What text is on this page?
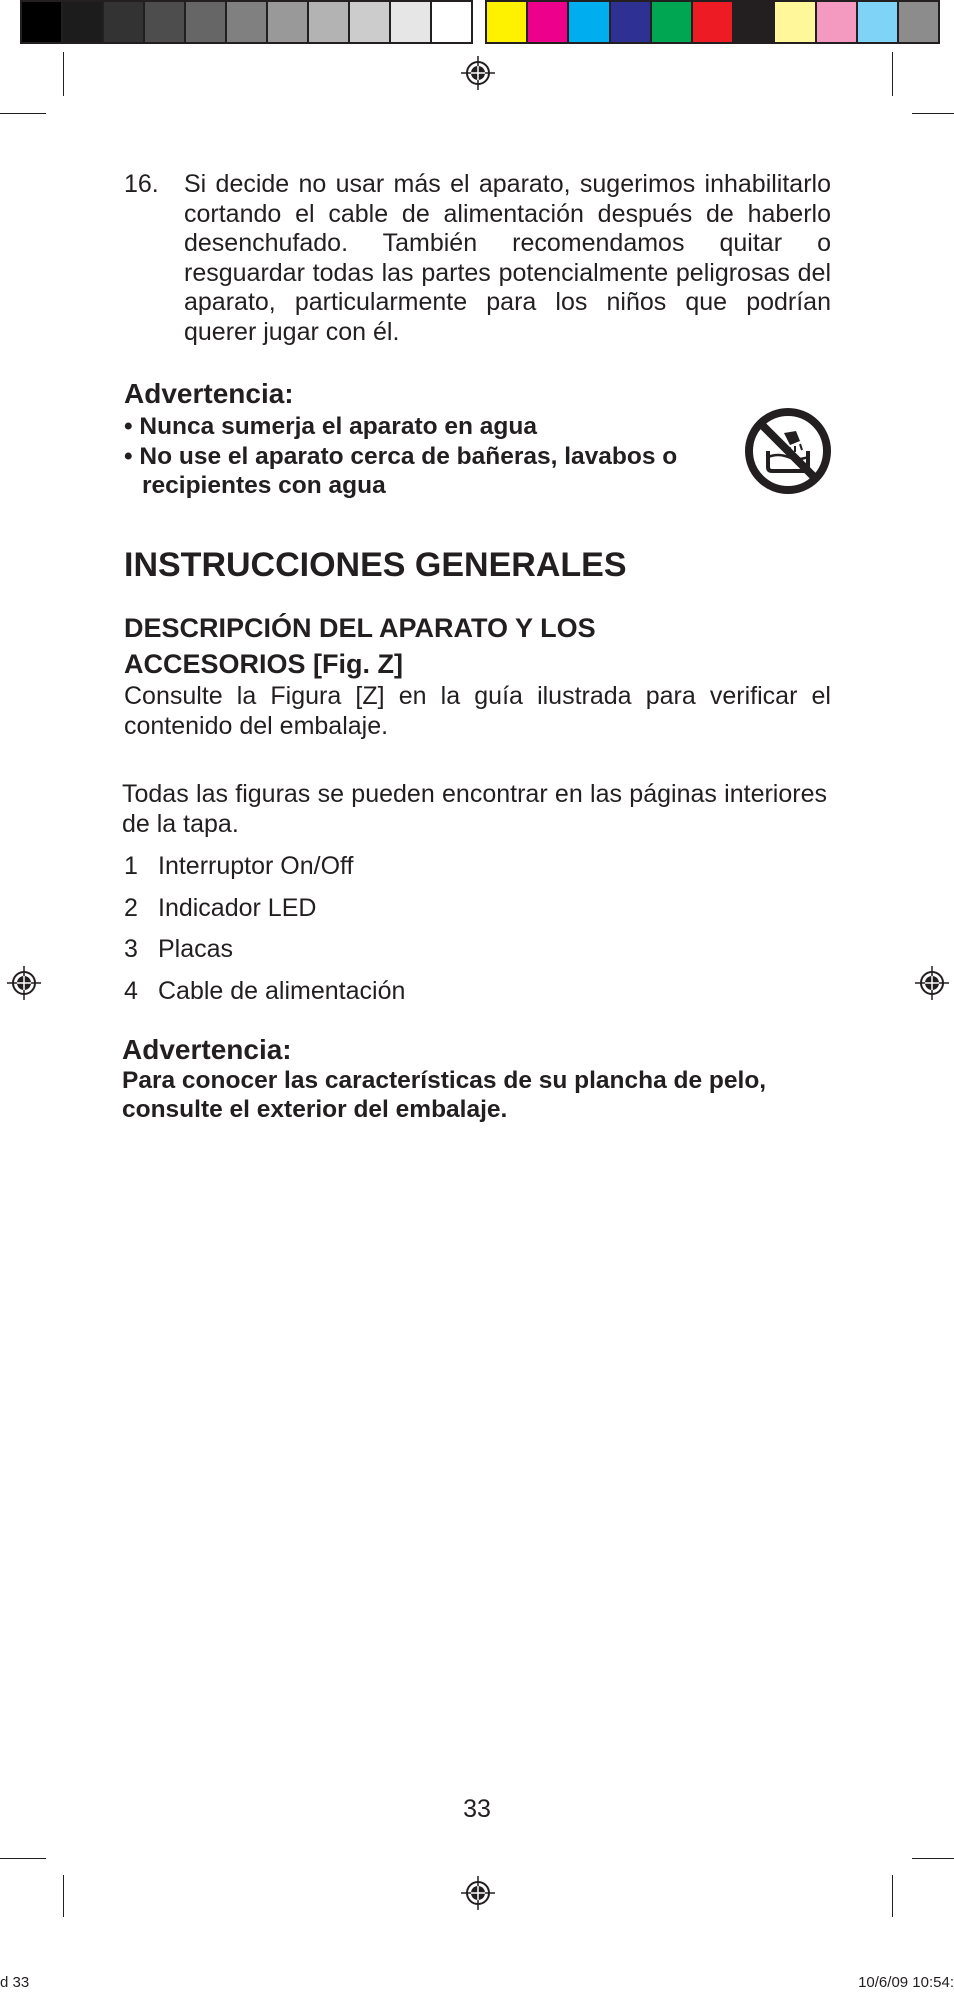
16. Si decide no usar más el aparato, sugerimos inhabilitarlo cortando el cable de alimentación después de haberlo desenchufado. También recomendamos quitar o resguardar todas las partes potencialmente peligrosas del aparato, particularmente para los niños que podrían querer jugar con él.
Advertencia:
• Nunca sumerja el aparato en agua
• No use el aparato cerca de bañeras, lavabos o recipientes con agua
INSTRUCCIONES GENERALES
DESCRIPCIÓN DEL APARATO Y LOS ACCESORIOS [Fig. Z]
Consulte la Figura [Z] en la guía ilustrada para verificar el contenido del embalaje.
Todas las figuras se pueden encontrar en las páginas interiores de la tapa.
1 Interruptor On/Off
2 Indicador LED
3 Placas
4 Cable de alimentación
Advertencia:
Para conocer las características de su plancha de pelo, consulte el exterior del embalaje.
33
d 33	10/6/09 10:54:
